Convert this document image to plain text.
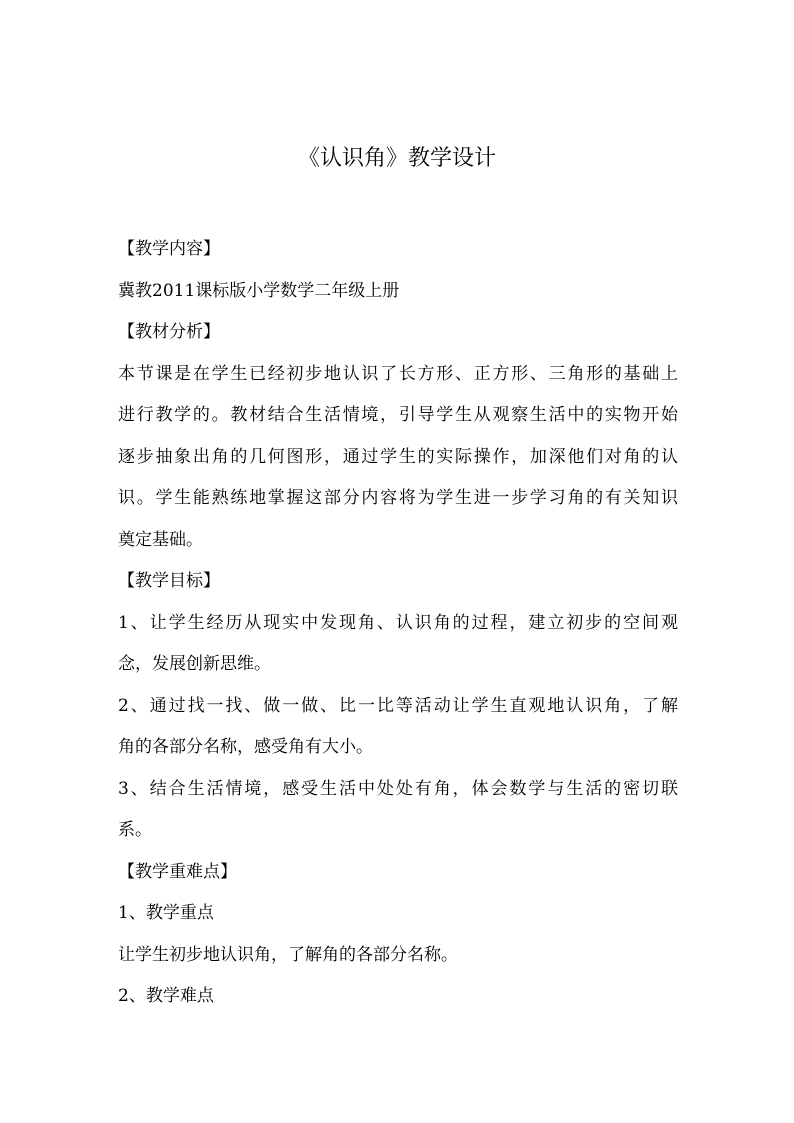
《认识角》教学设计
【教学内容】
冀教2011课标版小学数学二年级上册
【教材分析】
本节课是在学生已经初步地认识了长方形、正方形、三角形的基础上
进行教学的。教材结合生活情境，引导学生从观察生活中的实物开始
逐步抽象出角的几何图形，通过学生的实际操作，加深他们对角的认
识。学生能熟练地掌握这部分内容将为学生进一步学习角的有关知识
奠定基础。
【教学目标】
1、让学生经历从现实中发现角、认识角的过程，建立初步的空间观
念，发展创新思维。
2、通过找一找、做一做、比一比等活动让学生直观地认识角，了解
角的各部分名称，感受角有大小。
3、结合生活情境，感受生活中处处有角，体会数学与生活的密切联
系。
【教学重难点】
1、教学重点
让学生初步地认识角，了解角的各部分名称。
2、教学难点
